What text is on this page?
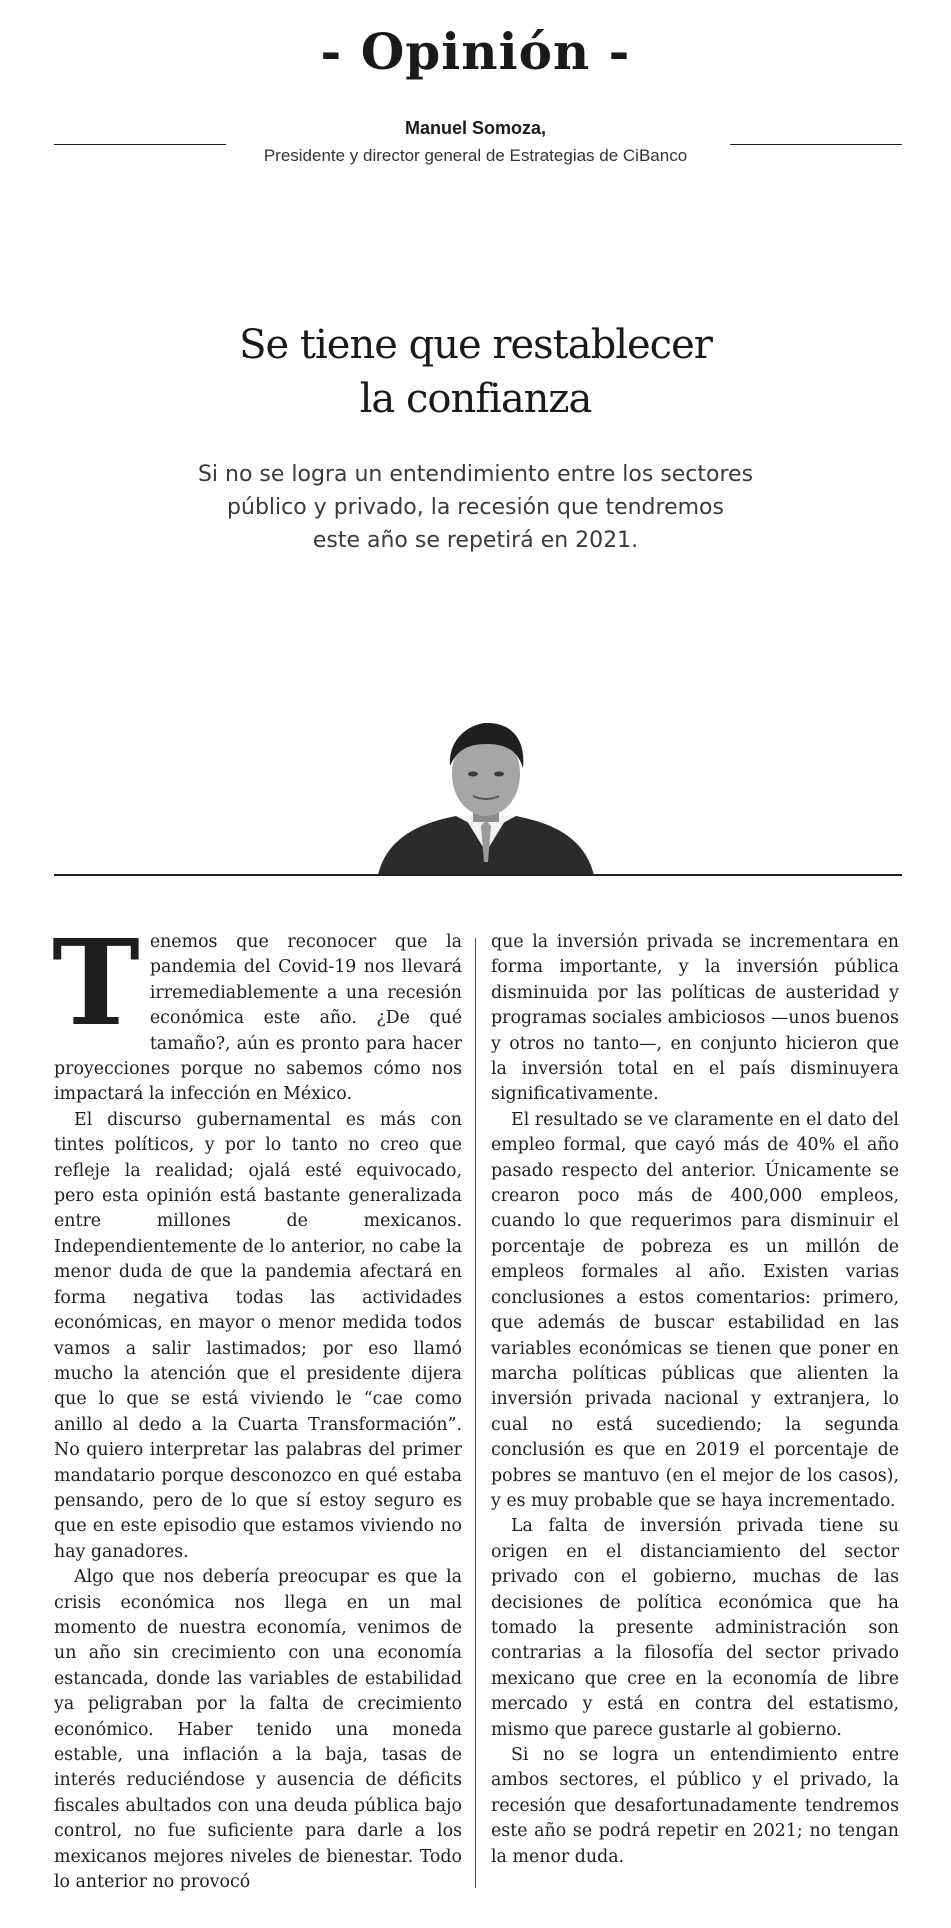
- Opinión -
Manuel Somoza,
Presidente y director general de Estrategias de CiBanco
Se tiene que restablecer
la confianza
Si no se logra un entendimiento entre los sectores
público y privado, la recesión que tendremos
este año se repetirá en 2021.

T enemos que reconocer que la pandemia del Covid-19 nos llevará irremediablemente a una recesión económica este año. ¿De qué tamaño?, aún es pronto para hacer proyecciones porque no sabemos cómo nos impactará la infección en México.

El discurso gubernamental es más con tintes políticos, y por lo tanto no creo que refleje la realidad; ojalá esté equivocado, pero esta opinión está bastante generalizada entre millones de mexicanos. Independientemente de lo anterior, no cabe la menor duda de que la pandemia afectará en forma negativa todas las actividades económicas, en mayor o menor medida todos vamos a salir lastimados; por eso llamó mucho la atención que el presidente dijera que lo que se está viviendo le “cae como anillo al dedo a la Cuarta Transformación”. No quiero interpretar las palabras del primer mandatario porque desconozco en qué estaba pensando, pero de lo que sí estoy seguro es que en este episodio que estamos viviendo no hay ganadores.

Algo que nos debería preocupar es que la crisis económica nos llega en un mal momento de nuestra economía, venimos de un año sin crecimiento con una economía estancada, donde las variables de estabilidad ya peligraban por la falta de crecimiento económico. Haber tenido una moneda estable, una inflación a la baja, tasas de interés reduciéndose y ausencia de déficits fiscales abultados con una deuda pública bajo control, no fue suficiente para darle a los mexicanos mejores niveles de bienestar. Todo lo anterior no provocó

que la inversión privada se incrementara en forma importante, y la inversión pública disminuida por las políticas de austeridad y programas sociales ambiciosos —unos buenos y otros no tanto—, en conjunto hicieron que la inversión total en el país disminuyera significativamente.

El resultado se ve claramente en el dato del empleo formal, que cayó más de 40% el año pasado respecto del anterior. Únicamente se crearon poco más de 400,000 empleos, cuando lo que requerimos para disminuir el porcentaje de pobreza es un millón de empleos formales al año. Existen varias conclusiones a estos comentarios: primero, que además de buscar estabilidad en las variables económicas se tienen que poner en marcha políticas públicas que alienten la inversión privada nacional y extranjera, lo cual no está sucediendo; la segunda conclusión es que en 2019 el porcentaje de pobres se mantuvo (en el mejor de los casos), y es muy probable que se haya incrementado.

La falta de inversión privada tiene su origen en el distanciamiento del sector privado con el gobierno, muchas de las decisiones de política económica que ha tomado la presente administración son contrarias a la filosofía del sector privado mexicano que cree en la economía de libre mercado y está en contra del estatismo, mismo que parece gustarle al gobierno.

Si no se logra un entendimiento entre ambos sectores, el público y el privado, la recesión que desafortunadamente tendremos este año se podrá repetir en 2021; no tengan la menor duda.
